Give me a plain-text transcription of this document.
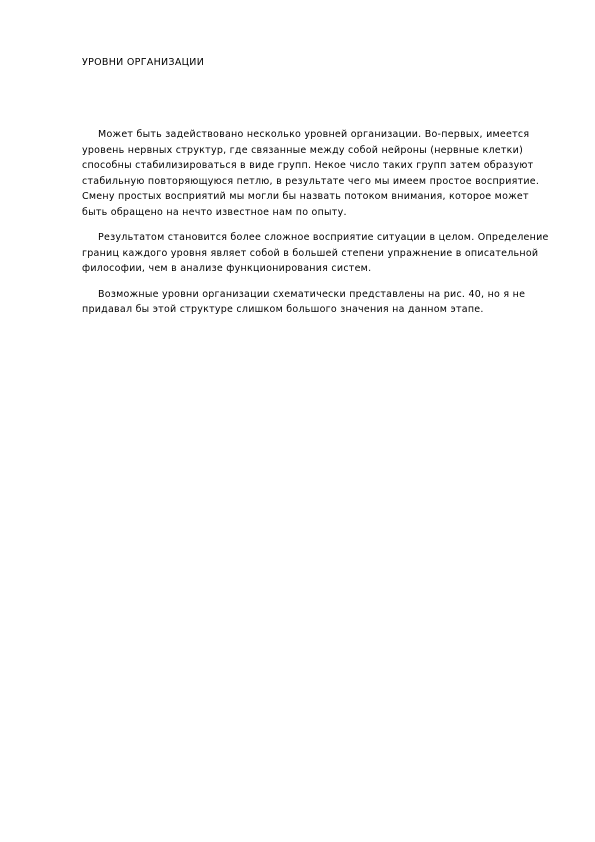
УРОВНИ ОРГАНИЗАЦИИ

Может быть задействовано несколько уровней организации. Во-первых, имеется уровень нервных структур, где связанные между собой нейроны (нервные клетки) способны стабилизироваться в виде групп. Некое число таких групп затем образуют стабильную повторяющуюся петлю, в результате чего мы имеем простое восприятие. Смену простых восприятий мы могли бы назвать потоком внимания, которое может быть обращено на нечто известное нам по опыту.

Результатом становится более сложное восприятие ситуации в целом. Определение границ каждого уровня являет собой в большей степени упражнение в описательной философии, чем в анализе функционирования систем.

Возможные уровни организации схематически представлены на рис. 40, но я не придавал бы этой структуре слишком большого значения на данном этапе.
